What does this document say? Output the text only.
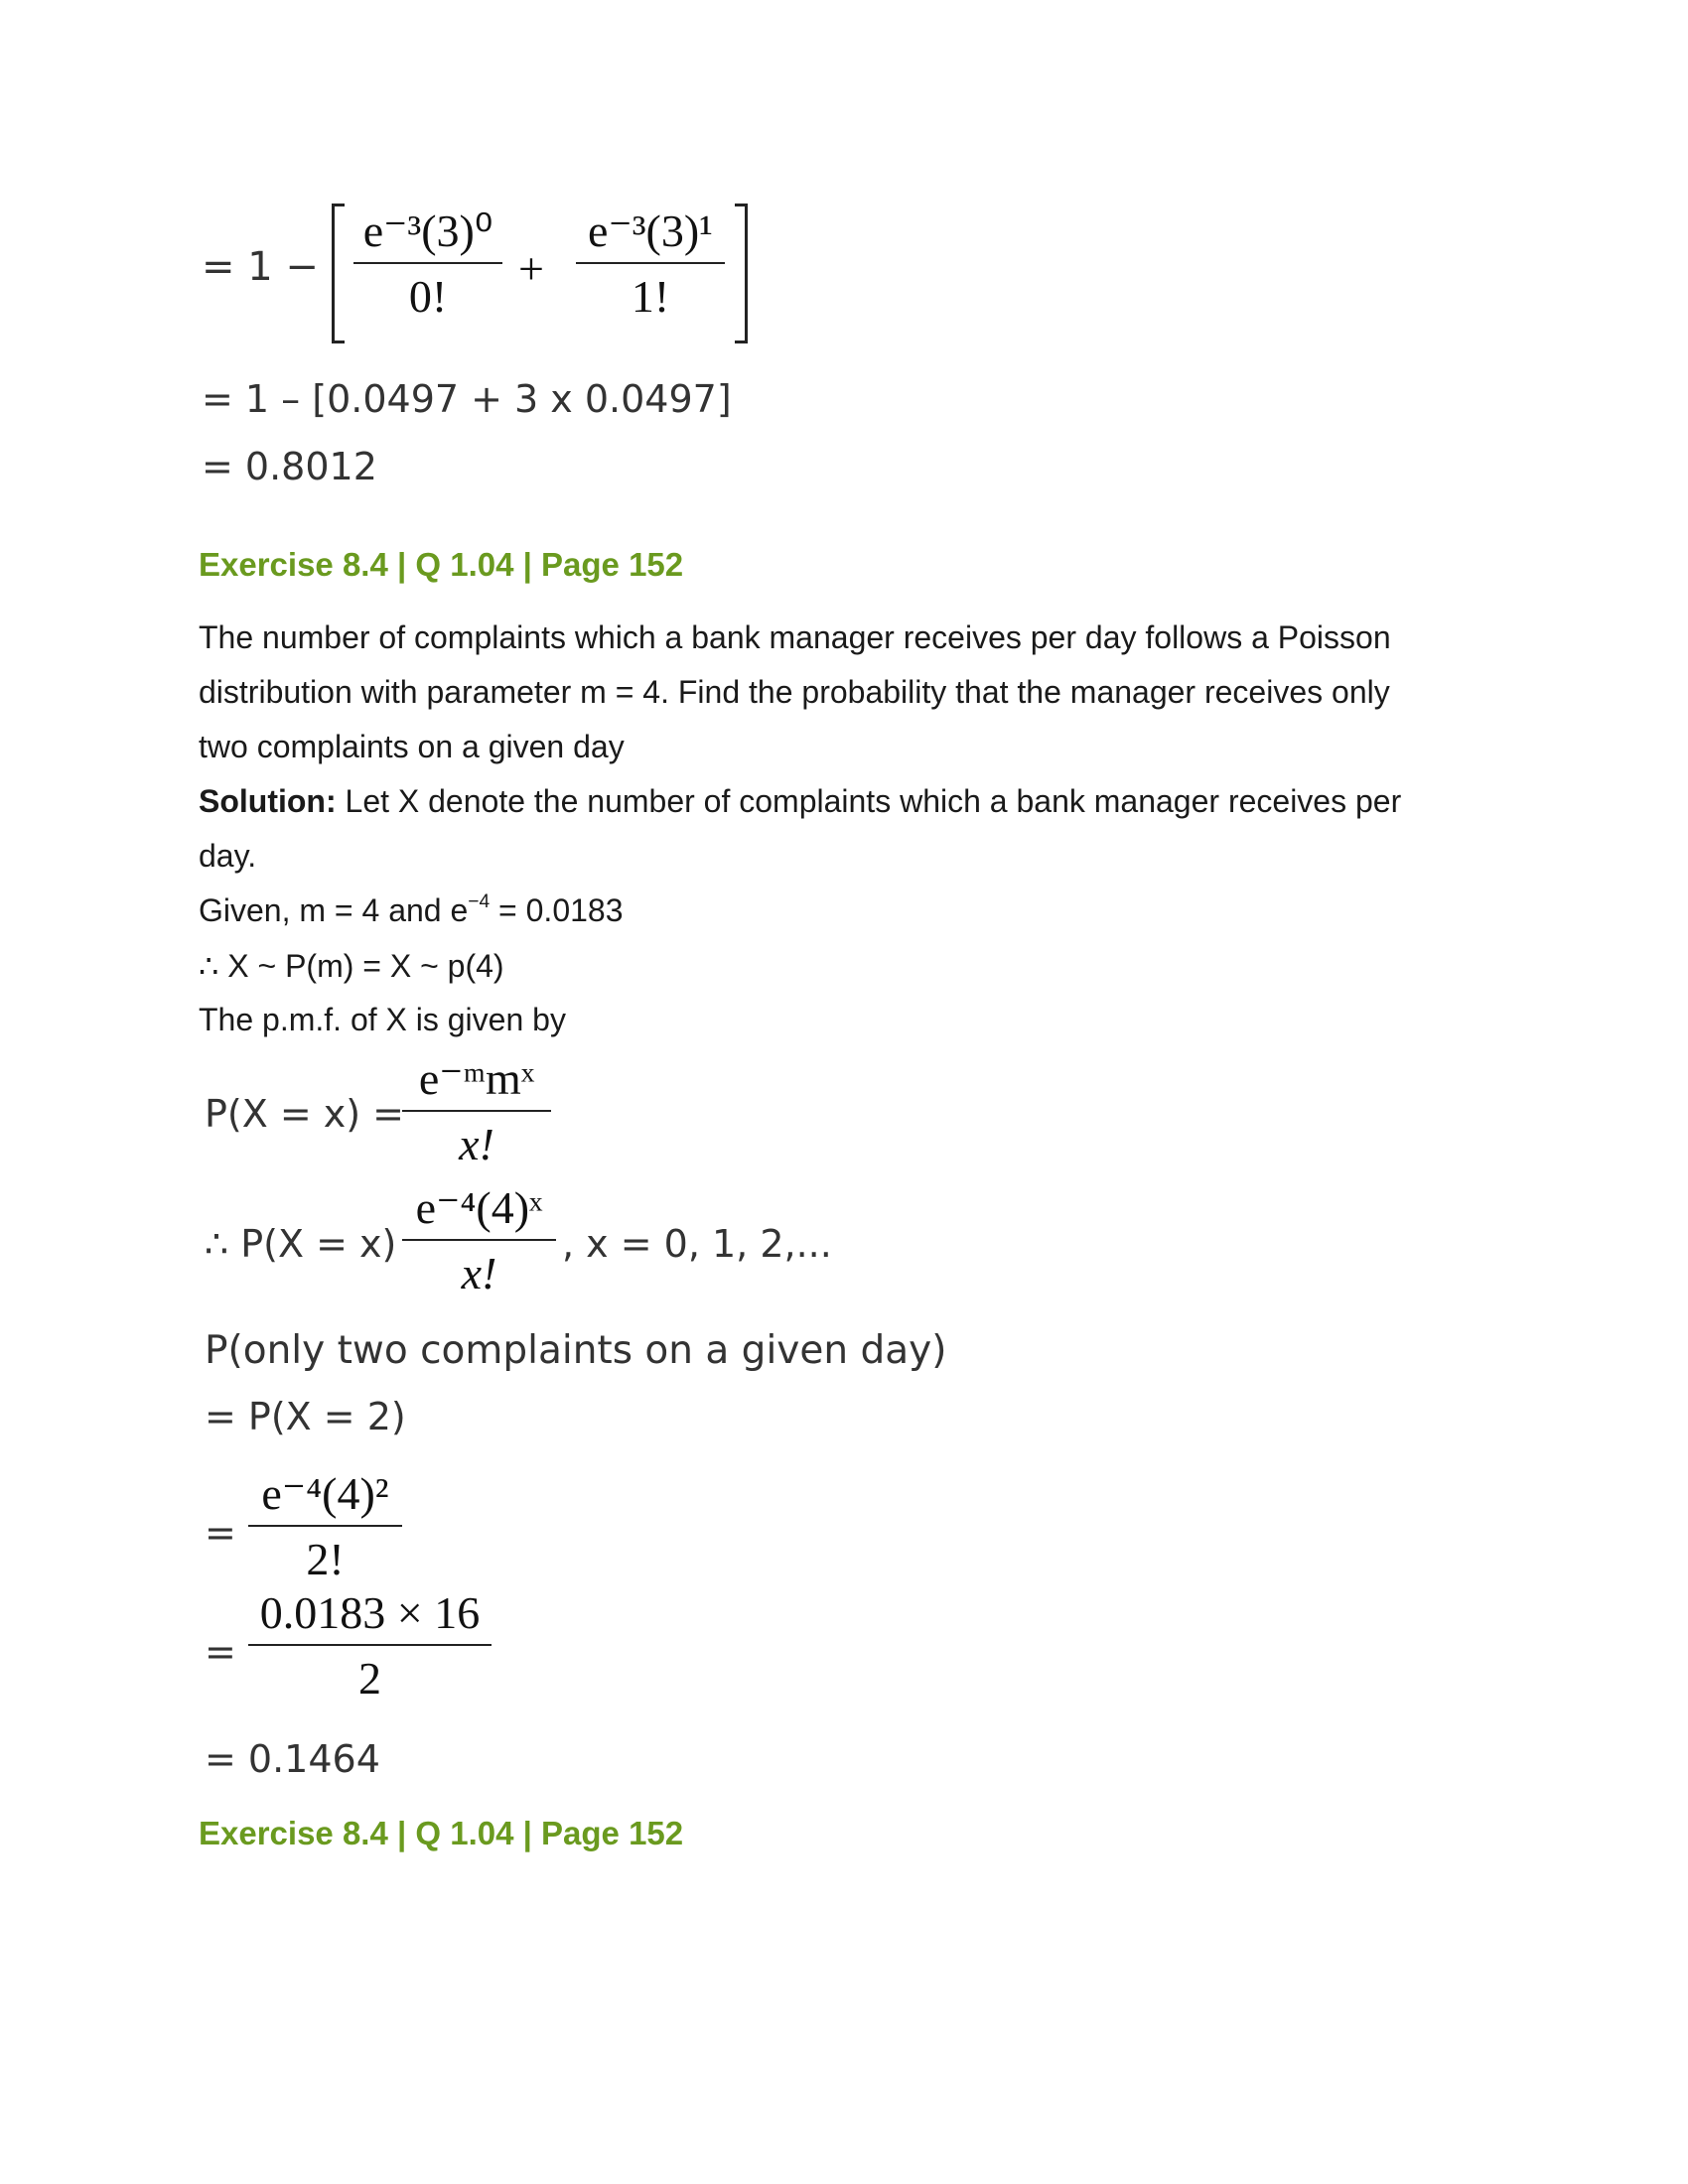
= 1 −
e⁻³(3)⁰
0!
+
e⁻³(3)¹
1!
= 1 – [0.0497 + 3 x 0.0497]
= 0.8012
Exercise 8.4 | Q 1.04 | Page 152
The number of complaints which a bank manager receives per day follows a Poisson
distribution with parameter m = 4. Find the probability that the manager receives only
two complaints on a given day
Solution: Let X denote the number of complaints which a bank manager receives per
day.
Given, m = 4 and $e^{-4} = 0.0183$
∴ X ~ P(m) = X ~ p(4)
The p.m.f. of X is given by
P(X = x) =
e⁻ᵐmˣ
x!
∴ P(X = x)
e⁻⁴(4)ˣ
x!
, x = 0, 1, 2,...
P(only two complaints on a given day)
= P(X = 2)
=
e⁻⁴(4)²
2!
=
0.0183 × 16
2
= 0.1464
Exercise 8.4 | Q 1.04 | Page 152
